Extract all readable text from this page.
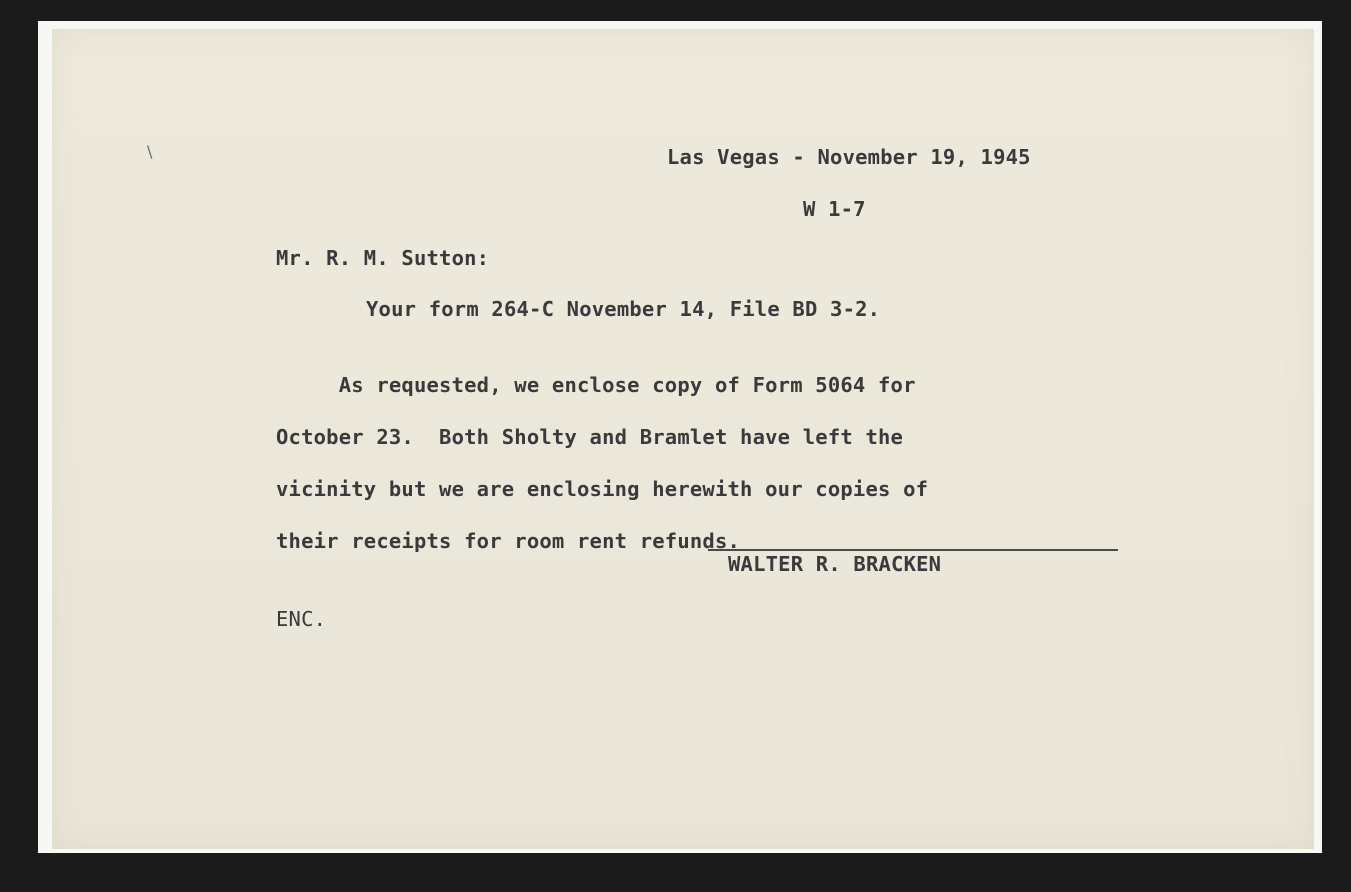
\	Las Vegas - November 19, 1945
W 1-7
Mr. R. M. Sutton:
Your form 264-C November 14, File BD 3-2.

As requested, we enclose copy of Form 5064 for

October 23.  Both Sholty and Bramlet have left the

vicinity but we are enclosing herewith our copies of

their receipts for room rent refunds.

WALTER R. BRACKEN
ENC.
